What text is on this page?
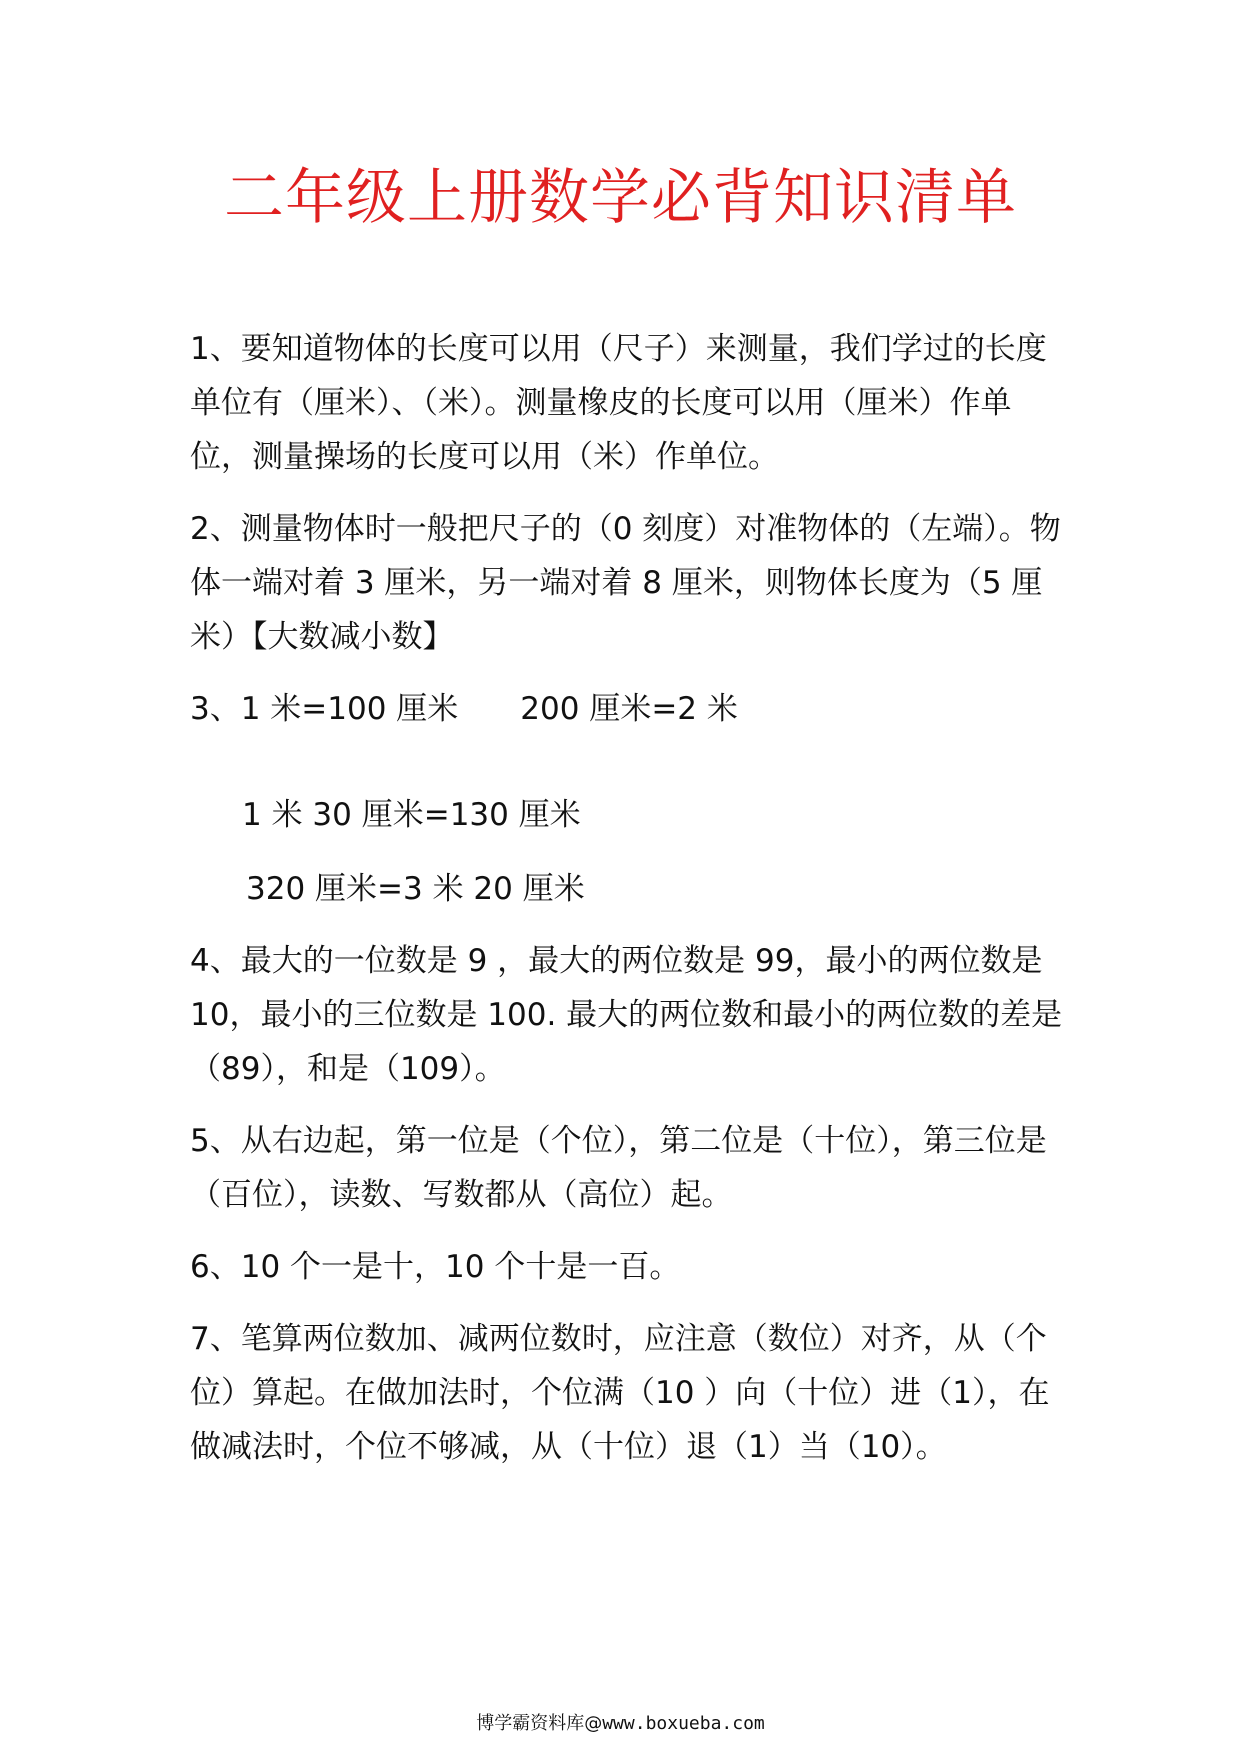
二年级上册数学必背知识清单

1、要知道物体的长度可以用（尺子）来测量，我们学过的长度单位有（厘米）、（米）。测量橡皮的长度可以用（厘米）作单位，测量操场的长度可以用（米）作单位。

2、测量物体时一般把尺子的（0 刻度）对准物体的（左端）。物体一端对着 3 厘米，另一端对着 8 厘米，则物体长度为（5 厘米）【大数减小数】

3、1 米=100 厘米　　200 厘米=2 米

1 米 30 厘米=130 厘米

320 厘米=3 米 20 厘米

4、最大的一位数是 9 ，最大的两位数是 99，最小的两位数是 10，最小的三位数是 100. 最大的两位数和最小的两位数的差是（89），和是（109）。

5、从右边起，第一位是（个位），第二位是（十位），第三位是（百位），读数、写数都从（高位）起。

6、10 个一是十，10 个十是一百。

7、笔算两位数加、减两位数时，应注意（数位）对齐，从（个位）算起。在做加法时，个位满（10 ）向（十位）进（1），在做减法时，个位不够减，从（十位）退（1）当（10）。

博学霸资料库@www.boxueba.com
